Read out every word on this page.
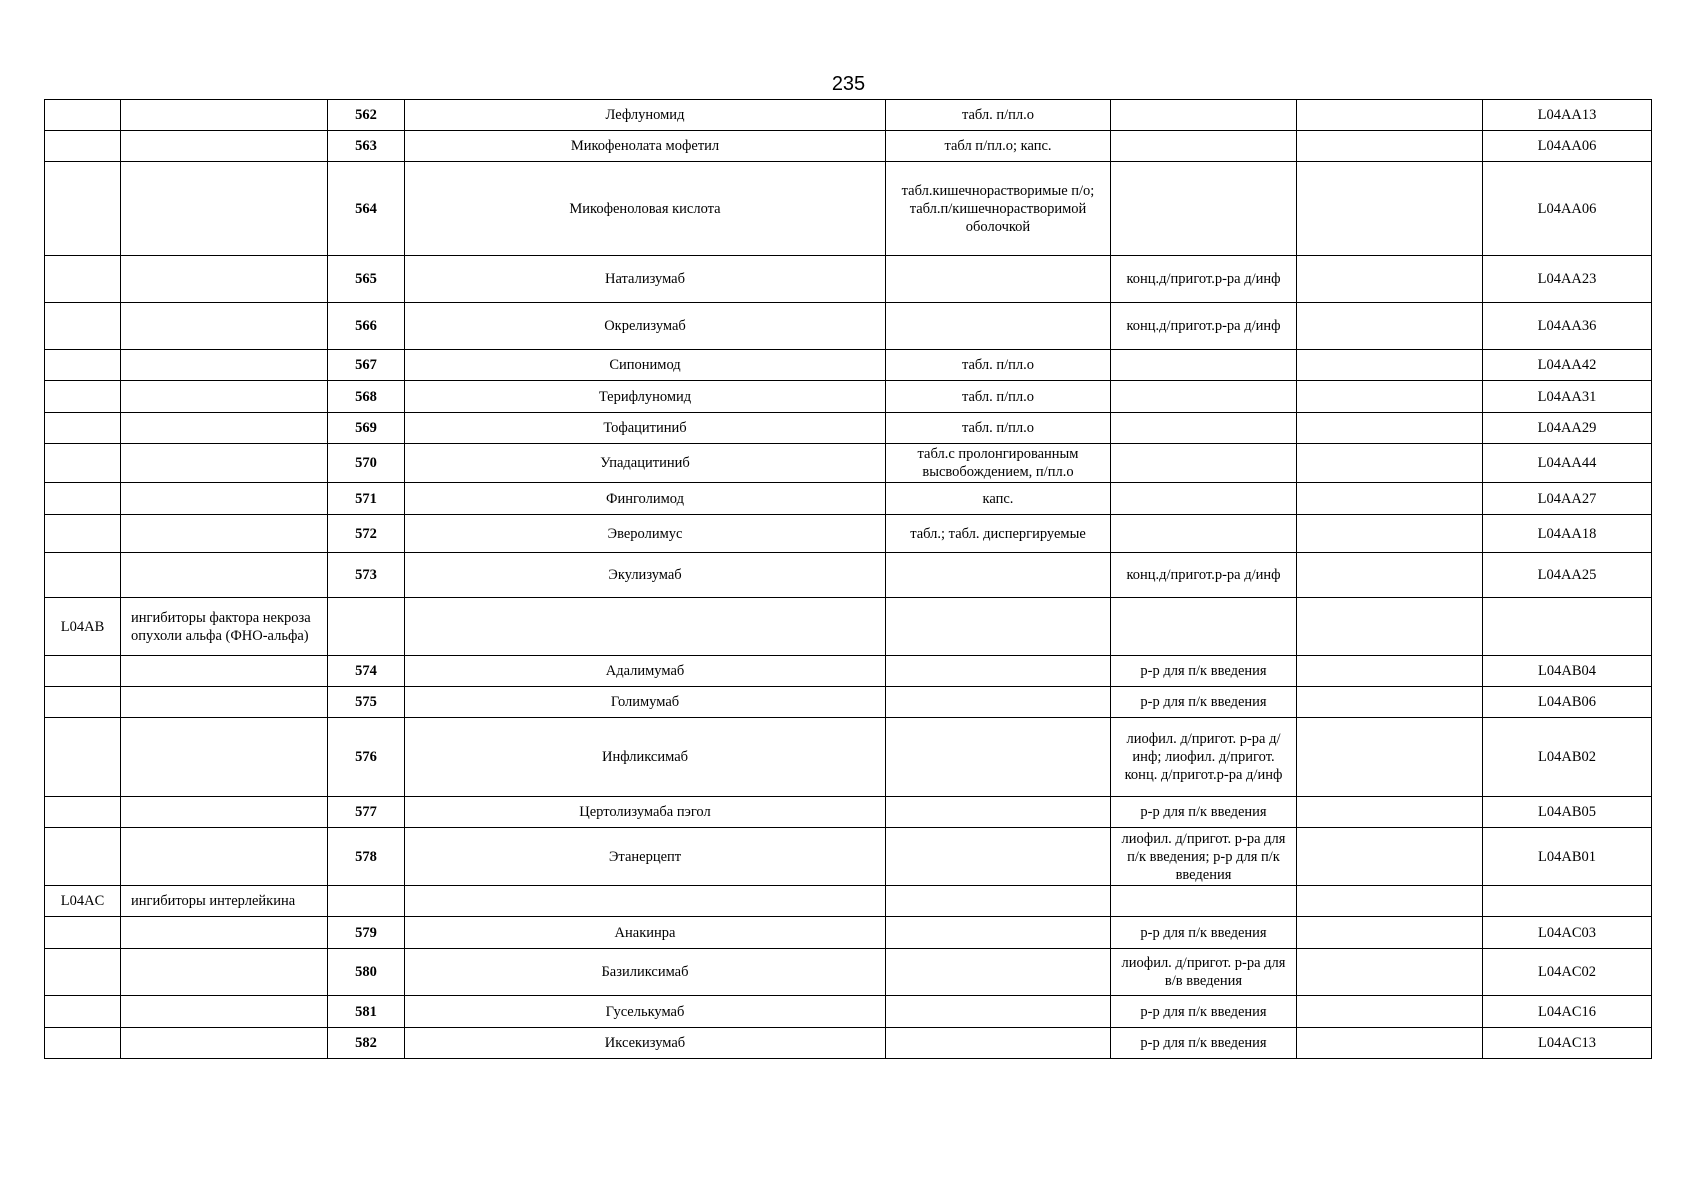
235
		562	Лефлуномид	табл. п/пл.о			L04AA13
		563	Микофенолата мофетил	табл п/пл.о; капс.			L04AA06
		564	Микофеноловая кислота	табл.кишечнорастворимые п/о; табл.п/кишечнорастворимой оболочкой			L04AA06
		565	Натализумаб		конц.д/пригот.р-ра д/инф		L04AA23
		566	Окрелизумаб		конц.д/пригот.р-ра д/инф		L04AA36
		567	Сипонимод	табл. п/пл.о			L04AA42
		568	Терифлуномид	табл. п/пл.о			L04AA31
		569	Тофацитиниб	табл. п/пл.о			L04AA29
		570	Упадацитиниб	табл.с пролонгированным высвобождением, п/пл.о			L04AA44
		571	Финголимод	капс.			L04AA27
		572	Эверолимус	табл.; табл. диспергируемые			L04AA18
		573	Экулизумаб		конц.д/пригот.р-ра д/инф		L04AA25
L04AB	ингибиторы фактора некроза опухоли альфа (ФНО-альфа)						
		574	Адалимумаб		р-р для п/к введения		L04AB04
		575	Голимумаб		р-р для п/к введения		L04AB06
		576	Инфликсимаб		лиофил. д/пригот. р-ра д/инф; лиофил. д/пригот. конц. д/пригот.р-ра д/инф		L04AB02
		577	Цертолизумаба пэгол		р-р для п/к введения		L04AB05
		578	Этанерцепт		лиофил. д/пригот. р-ра для п/к введения; р-р для п/к введения		L04AB01
L04AC	ингибиторы интерлейкина						
		579	Анакинра		р-р для п/к введения		L04AC03
		580	Базиликсимаб		лиофил. д/пригот. р-ра для в/в введения		L04AC02
		581	Гуселькумаб		р-р для п/к введения		L04AC16
		582	Иксекизумаб		р-р для п/к введения		L04AC13
